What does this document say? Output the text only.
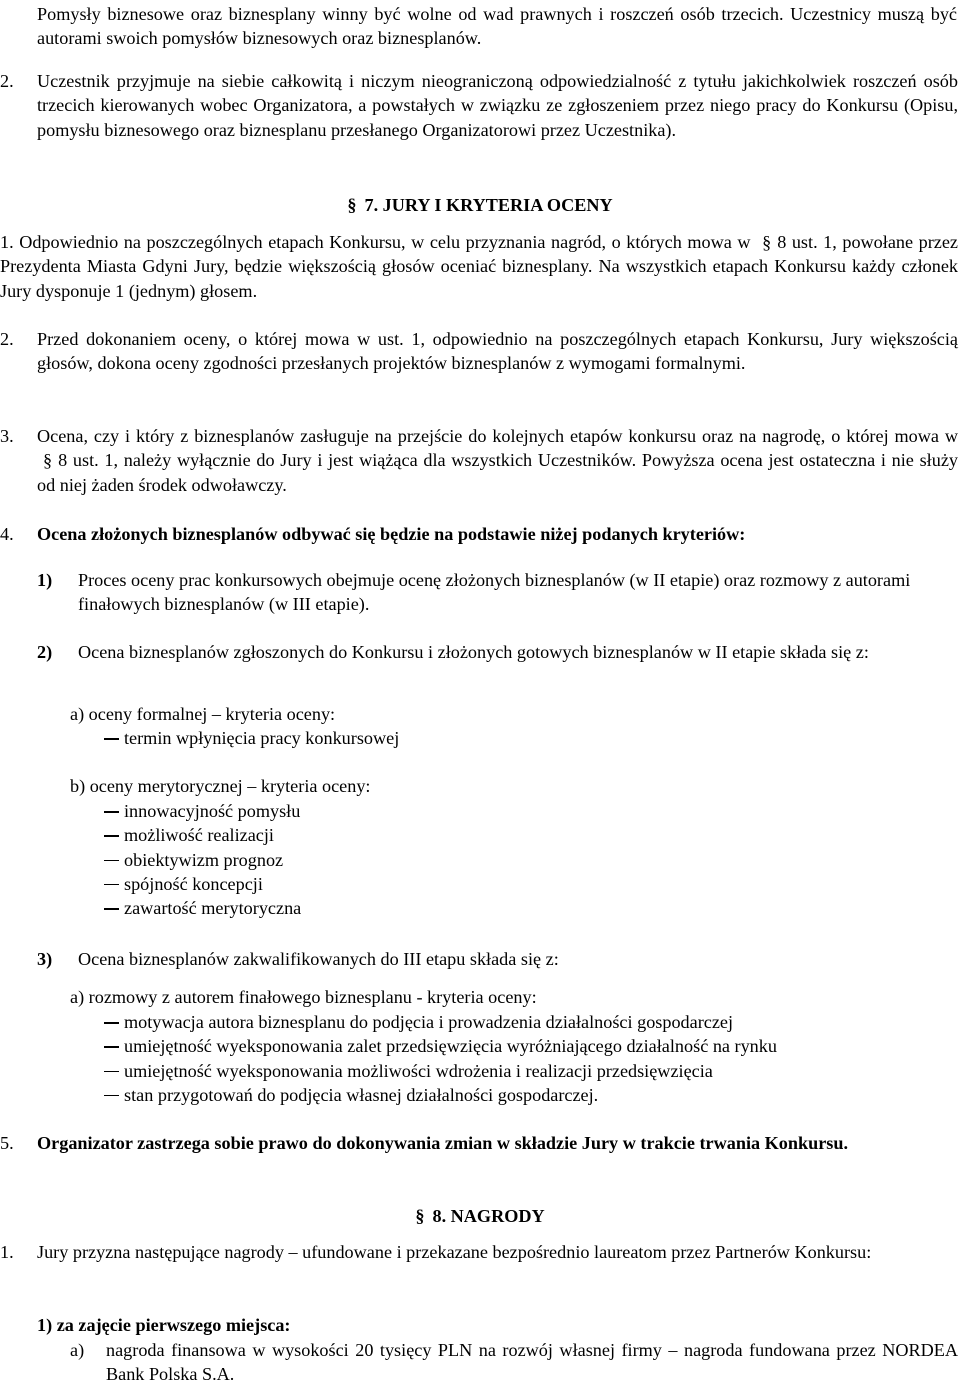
Pomysły biznesowe oraz biznesplany winny być wolne od wad prawnych i roszczeń osób trzecich. Uczestnicy muszą być autorami swoich pomysłów biznesowych oraz biznesplanów.

2. Uczestnik przyjmuje na siebie całkowitą i niczym nieograniczoną odpowiedzialność z tytułu jakichkolwiek roszczeń osób trzecich kierowanych wobec Organizatora, a powstałych w związku ze zgłoszeniem przez niego pracy do Konkursu (Opisu, pomysłu biznesowego oraz biznesplanu przesłanego Organizatorowi przez Uczestnika).

§ 7. JURY I KRYTERIA OCENY

1. Odpowiednio na poszczególnych etapach Konkursu, w celu przyznania nagród, o których mowa w § 8 ust. 1, powołane przez Prezydenta Miasta Gdyni Jury, będzie większością głosów oceniać biznesplany. Na wszystkich etapach Konkursu każdy członek Jury dysponuje 1 (jednym) głosem.

2. Przed dokonaniem oceny, o której mowa w ust. 1, odpowiednio na poszczególnych etapach Konkursu, Jury większością głosów, dokona oceny zgodności przesłanych projektów biznesplanów z wymogami formalnymi.

3. Ocena, czy i który z biznesplanów zasługuje na przejście do kolejnych etapów konkursu oraz na nagrodę, o której mowa w § 8 ust. 1, należy wyłącznie do Jury i jest wiążąca dla wszystkich Uczestników. Powyższa ocena jest ostateczna i nie służy od niej żaden środek odwoławczy.

4. Ocena złożonych biznesplanów odbywać się będzie na podstawie niżej podanych kryteriów:

1) Proces oceny prac konkursowych obejmuje ocenę złożonych biznesplanów (w II etapie) oraz rozmowy z autorami finałowych biznesplanów (w III etapie).

2) Ocena biznesplanów zgłoszonych do Konkursu i złożonych gotowych biznesplanów w II etapie składa się z:

a) oceny formalnej – kryteria oceny:

termin wpłynięcia pracy konkursowej

b) oceny merytorycznej – kryteria oceny:

innowacyjność pomysłu
możliwość realizacji
obiektywizm prognoz
spójność koncepcji
zawartość merytoryczna
3) Ocena biznesplanów zakwalifikowanych do III etapu składa się z:

a) rozmowy z autorem finałowego biznesplanu - kryteria oceny:

motywacja autora biznesplanu do podjęcia i prowadzenia działalności gospodarczej
umiejętność wyeksponowania zalet przedsięwzięcia wyróżniającego działalność na rynku
umiejętność wyeksponowania możliwości wdrożenia i realizacji przedsięwzięcia
stan przygotowań do podjęcia własnej działalności gospodarczej.
5. Organizator zastrzega sobie prawo do dokonywania zmian w składzie Jury w trakcie trwania Konkursu.

§ 8. NAGRODY
1. Jury przyzna następujące nagrody – ufundowane i przekazane bezpośrednio laureatom przez Partnerów Konkursu:

1) za zajęcie pierwszego miejsca:

a) nagroda finansowa w wysokości 20 tysięcy PLN na rozwój własnej firmy – nagroda fundowana przez NORDEA Bank Polska S.A.
